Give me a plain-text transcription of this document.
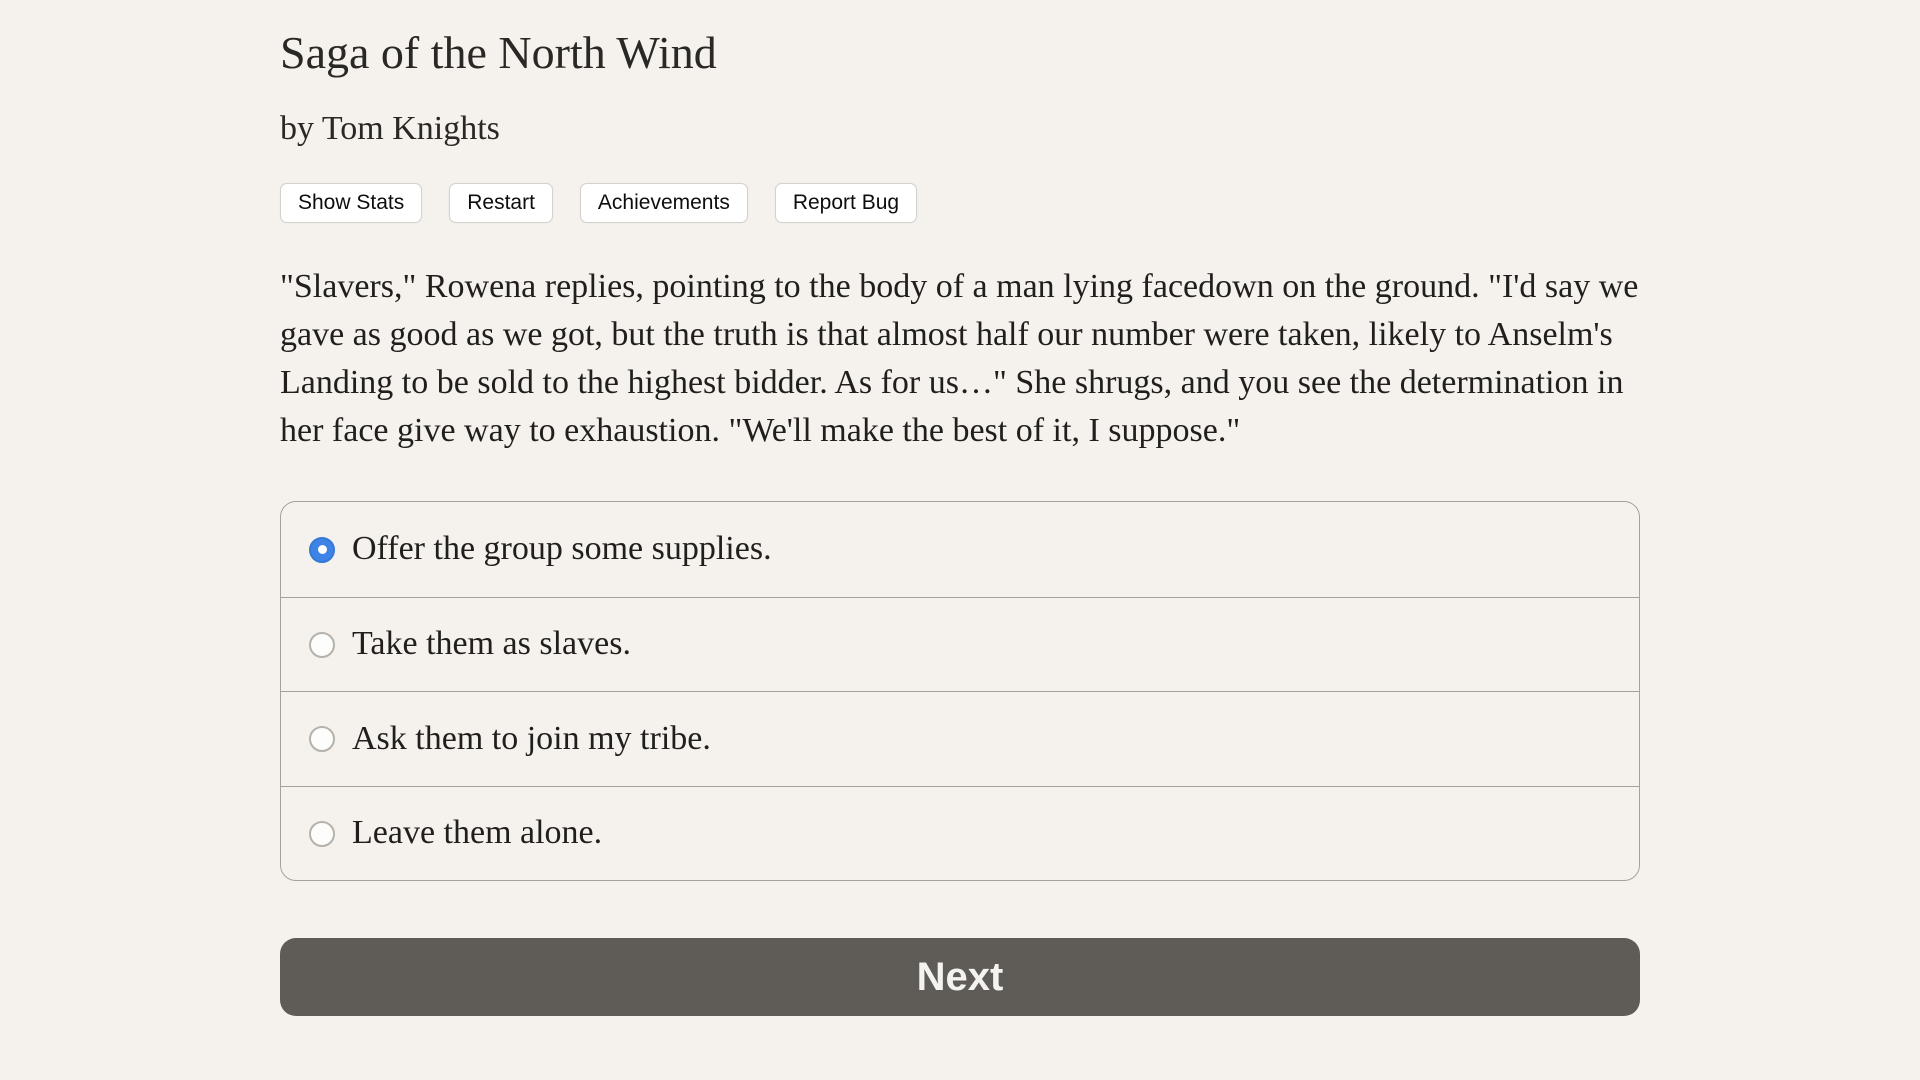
Saga of the North Wind
by Tom Knights
Show Stats	Restart	Achievements	Report Bug
"Slavers," Rowena replies, pointing to the body of a man lying facedown on the ground. "I'd say we gave as good as we got, but the truth is that almost half our number were taken, likely to Anselm's Landing to be sold to the highest bidder. As for us…" She shrugs, and you see the determination in her face give way to exhaustion. "We'll make the best of it, I suppose."
Offer the group some supplies.
Take them as slaves.
Ask them to join my tribe.
Leave them alone.
Next
